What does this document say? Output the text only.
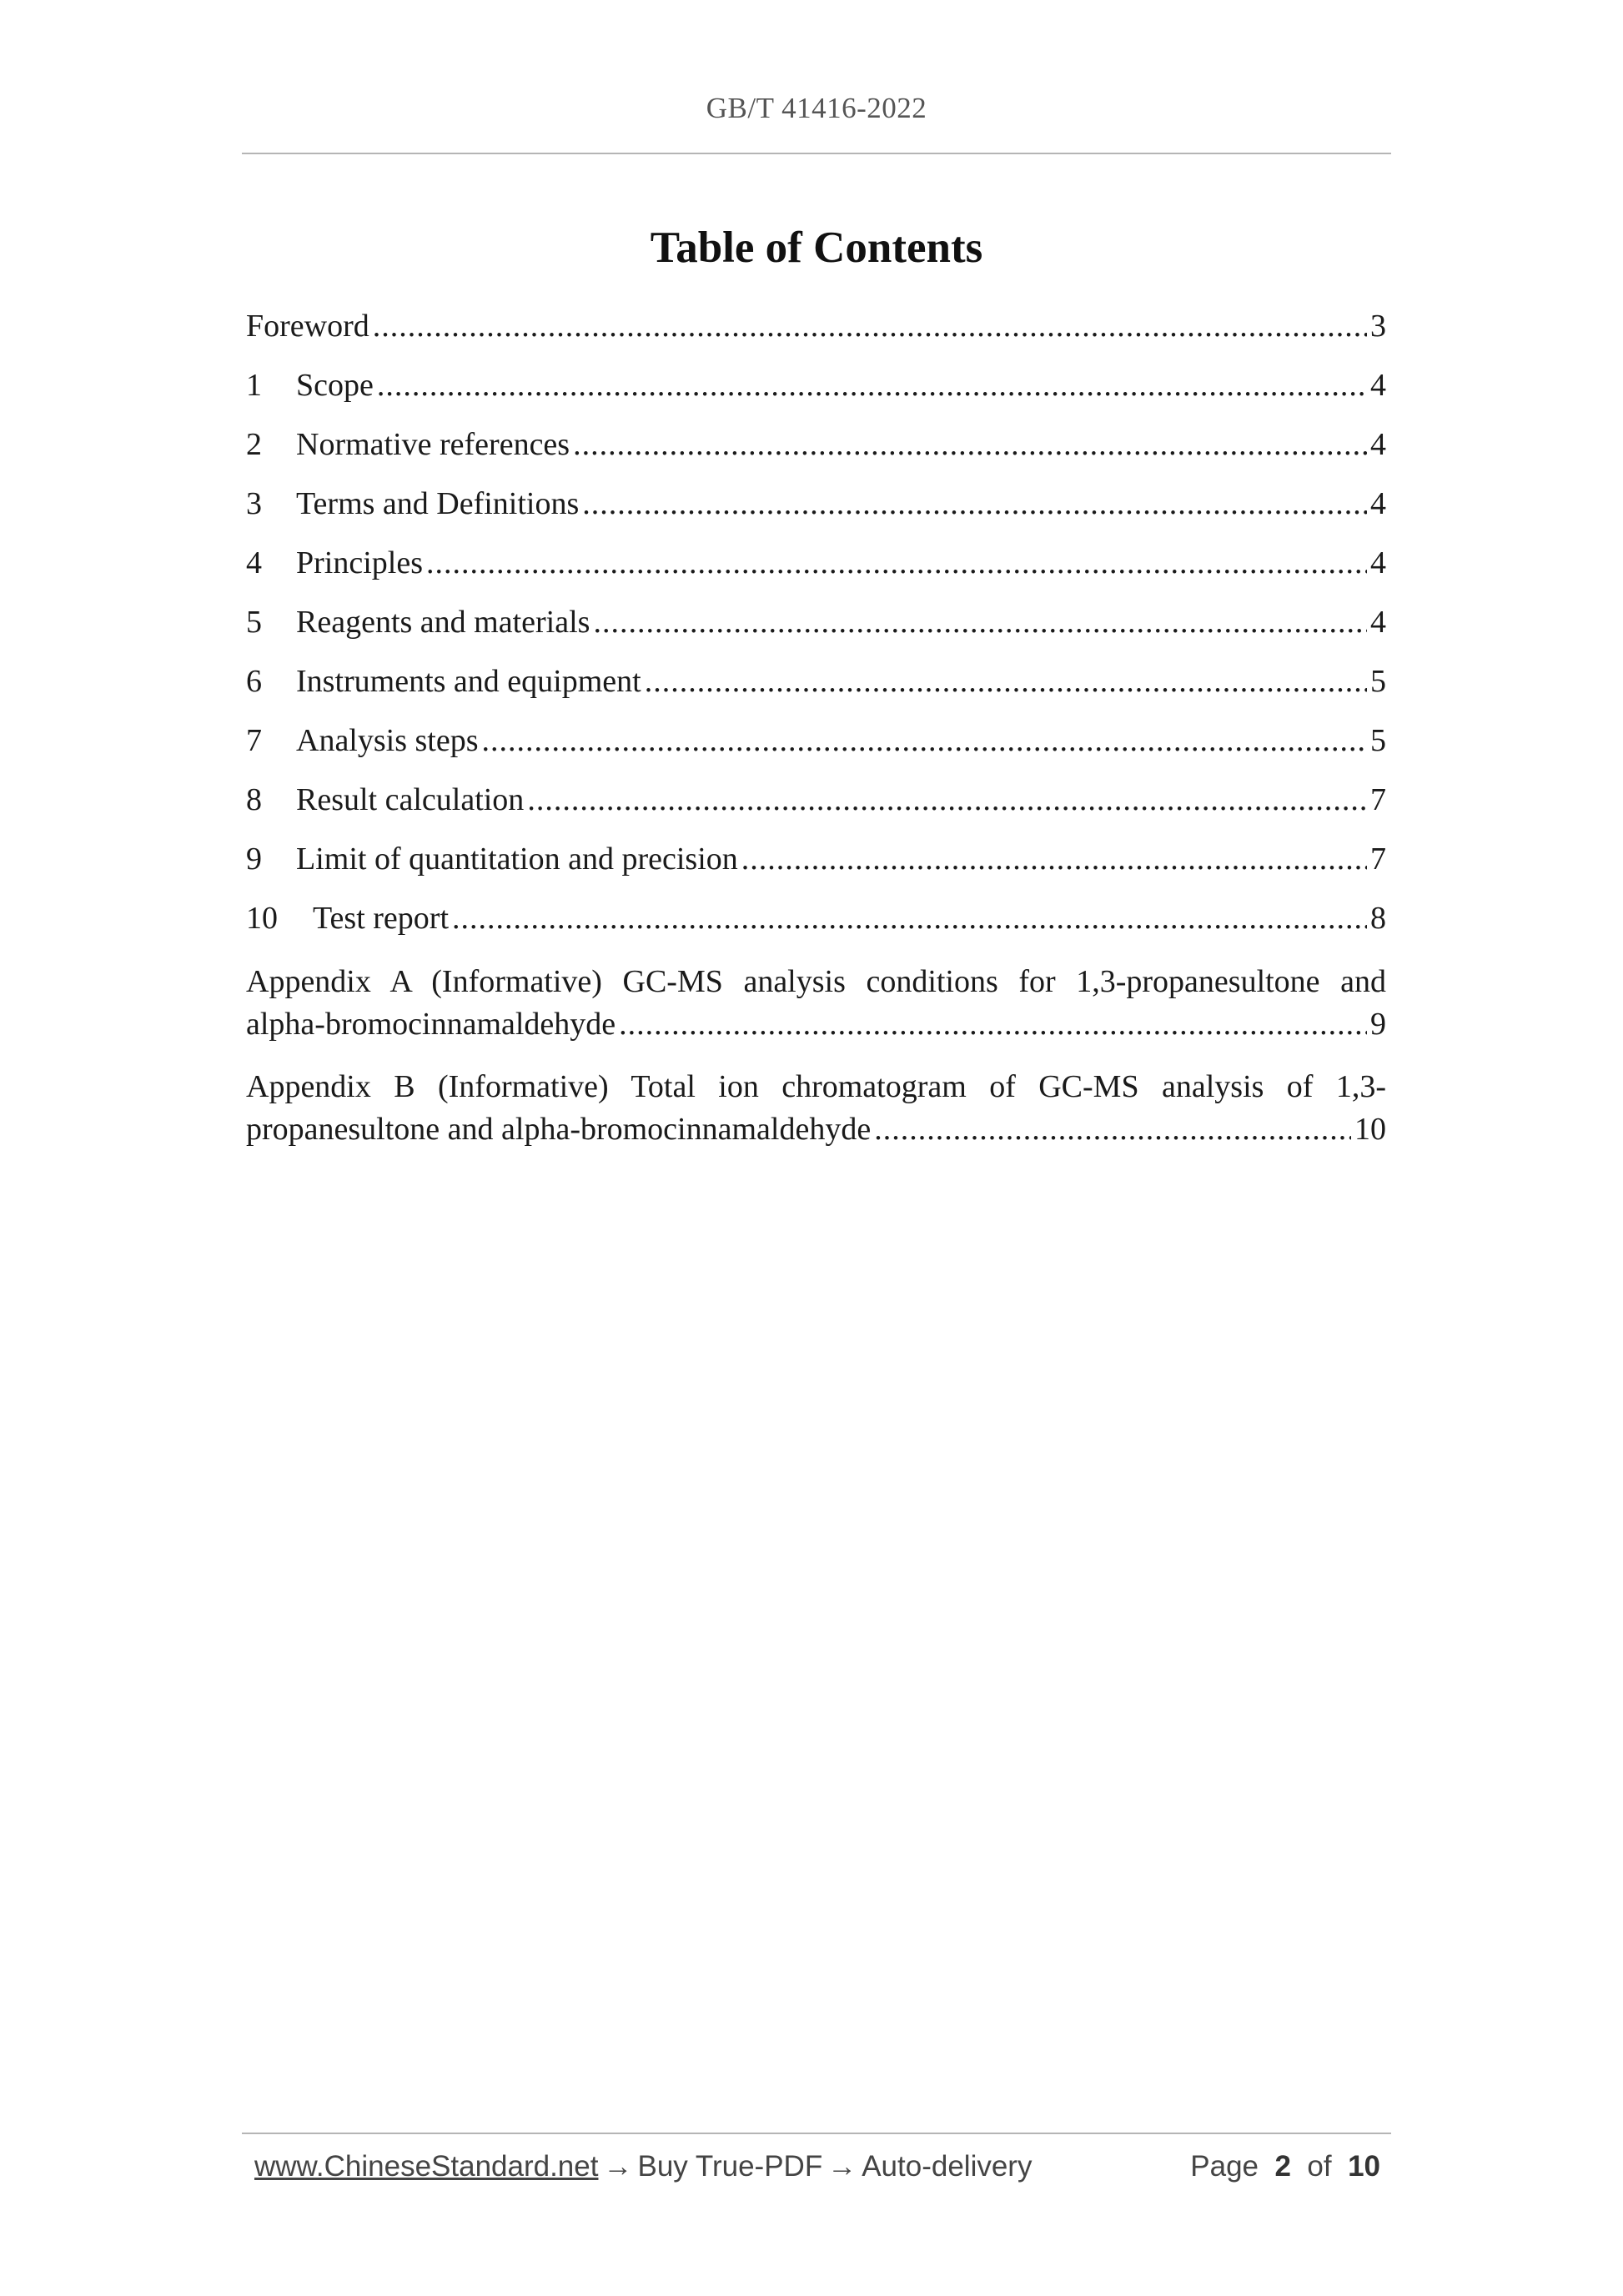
GB/T 41416-2022
Table of Contents
Foreword .....	3
1	Scope .....	4
2	Normative references .....	4
3	Terms and Definitions .....	4
4	Principles .....	4
5	Reagents and materials .....	4
6	Instruments and equipment .....	5
7	Analysis steps .....	5
8	Result calculation .....	7
9	Limit of quantitation and precision .....	7
10	Test report .....	8
Appendix A (Informative) GC-MS analysis conditions for 1,3-propanesultone and
alpha-bromocinnamaldehyde .....	9
Appendix B (Informative) Total ion chromatogram of GC-MS analysis of 1,3-
propanesultone and alpha-bromocinnamaldehyde .....	10
www.ChineseStandard.net → Buy True-PDF → Auto-delivery	Page 2 of 10
